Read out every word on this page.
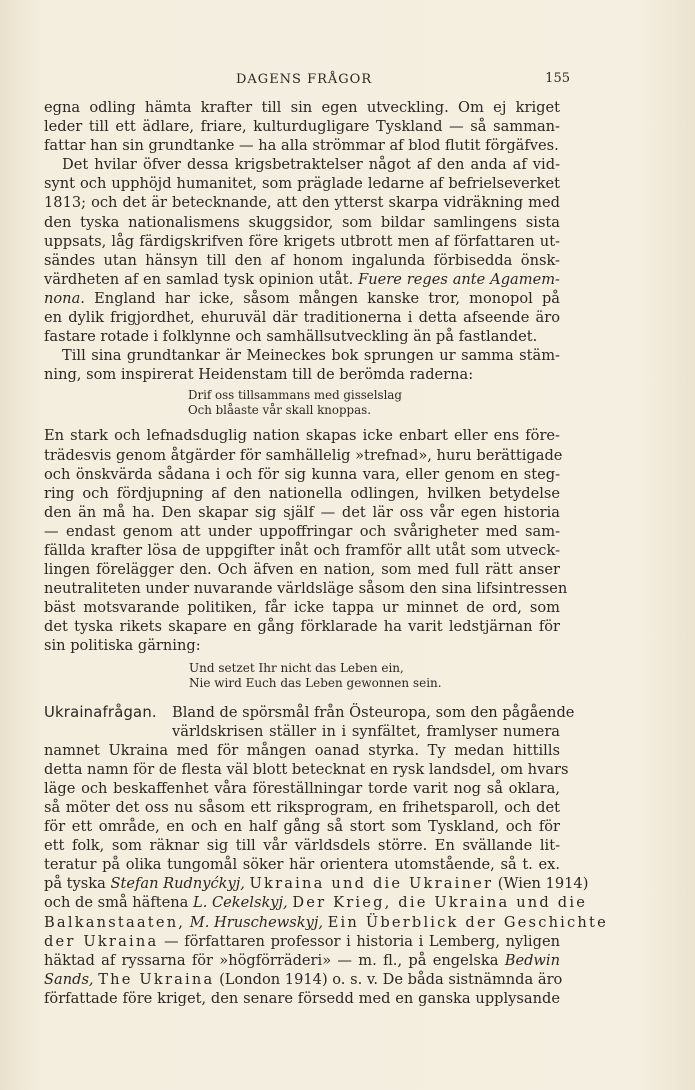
DAGENS FRÅGOR	155
egna odling hämta krafter till sin egen utveckling. Om ej kriget
leder till ett ädlare, friare, kulturdugligare Tyskland — så samman-
fattar han sin grundtanke — ha alla strömmar af blod flutit förgäfves.
Det hvilar öfver dessa krigsbetraktelser något af den anda af vid-
synt och upphöjd humanitet, som präglade ledarne af befrielseverket
1813; och det är betecknande, att den ytterst skarpa vidräkning med
den tyska nationalismens skuggsidor, som bildar samlingens sista
uppsats, låg färdigskrifven före krigets utbrott men af författaren ut-
sändes utan hänsyn till den af honom ingalunda förbisedda önsk-
värdheten af en samlad tysk opinion utåt. Fuere reges ante Agamem-
nona. England har icke, såsom mången kanske tror, monopol på
en dylik frigjordhet, ehuruväl där traditionerna i detta afseende äro
fastare rotade i folklynne och samhällsutveckling än på fastlandet.
Till sina grundtankar är Meineckes bok sprungen ur samma stäm-
ning, som inspirerat Heidenstam till de berömda raderna:
Drif oss tillsammans med gisselslag
Och blåaste vår skall knoppas.
En stark och lefnadsduglig nation skapas icke enbart eller ens före-
trädesvis genom åtgärder för samhällelig »trefnad», huru berättigade
och önskvärda sådana i och för sig kunna vara, eller genom en steg-
ring och fördjupning af den nationella odlingen, hvilken betydelse
den än må ha. Den skapar sig själf — det lär oss vår egen historia
— endast genom att under uppoffringar och svårigheter med sam-
fällda krafter lösa de uppgifter inåt och framför allt utåt som utveck-
lingen förelägger den. Och äfven en nation, som med full rätt anser
neutraliteten under nuvarande världsläge såsom den sina lifsintressen
bäst motsvarande politiken, får icke tappa ur minnet de ord, som
det tyska rikets skapare en gång förklarade ha varit ledstjärnan för
sin politiska gärning:
Und setzet Ihr nicht das Leben ein,
Nie wird Euch das Leben gewonnen sein.
Ukrainafrågan.	Bland de spörsmål från Östeuropa, som den pågående
världskrisen ställer in i synfältet, framlyser numera
namnet Ukraina med för mången oanad styrka. Ty medan hittills
detta namn för de flesta väl blott betecknat en rysk landsdel, om hvars
läge och beskaffenhet våra föreställningar torde varit nog så oklara,
så möter det oss nu såsom ett riksprogram, en frihetsparoll, och det
för ett område, en och en half gång så stort som Tyskland, och för
ett folk, som räknar sig till vår världsdels större. En svällande lit-
teratur på olika tungomål söker här orientera utomstående, så t. ex.
på tyska Stefan Rudnyćkyj, Ukraina und die Ukrainer (Wien 1914)
och de små häftena L. Cekelskyj, Der Krieg, die Ukraina und die
Balkanstaaten, M. Hruschewskyj, Ein Überblick der Geschichte
der Ukraina — författaren professor i historia i Lemberg, nyligen
häktad af ryssarna för »högförräderi» — m. fl., på engelska Bedwin
Sands, The Ukraina (London 1914) o. s. v. De båda sistnämnda äro
författade före kriget, den senare försedd med en ganska upplysande
